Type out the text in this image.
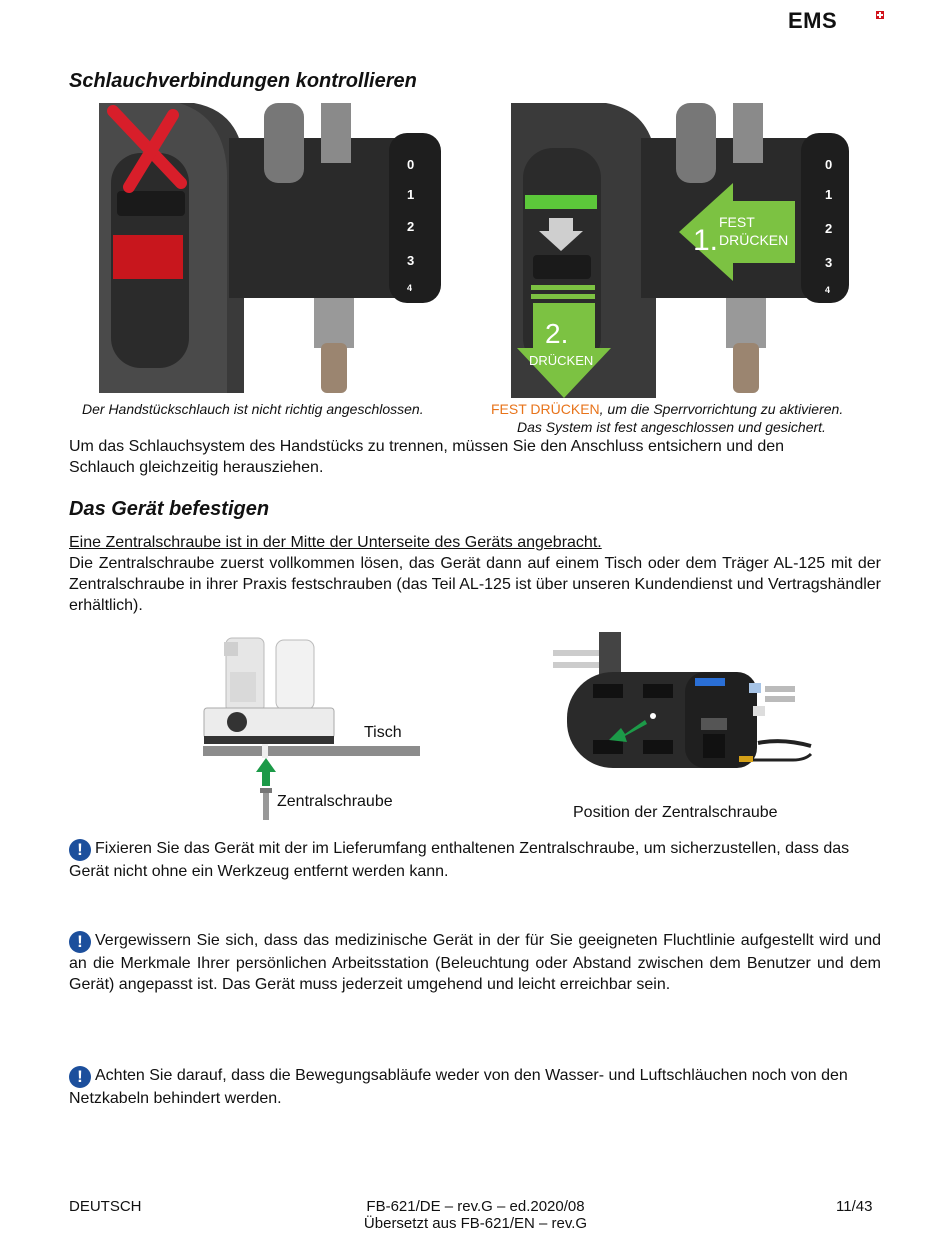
EMS
Schlauchverbindungen kontrollieren
0
1
2
3
4
2.
DRÜCKEN
1.
FEST
DRÜCKEN
0
1
2
3
4
Der Handstückschlauch ist nicht richtig angeschlossen.	FEST DRÜCKEN, um die Sperrvorrichtung zu aktivieren.
Das System ist fest angeschlossen und gesichert.
Um das Schlauchsystem des Handstücks zu trennen, müssen Sie den Anschluss entsichern und den Schlauch gleichzeitig herausziehen.
Das Gerät befestigen
Eine Zentralschraube ist in der Mitte der Unterseite des Geräts angebracht.
Die Zentralschraube zuerst vollkommen lösen, das Gerät dann auf einem Tisch oder dem Träger AL-125 mit der Zentralschraube in ihrer Praxis festschrauben (das Teil AL-125 ist über unseren Kundendienst und Vertragshändler erhältlich).
Tisch
Zentralschraube
Position der Zentralschraube
! Fixieren Sie das Gerät mit der im Lieferumfang enthaltenen Zentralschraube, um sicherzustellen, dass das Gerät nicht ohne ein Werkzeug entfernt werden kann.
! Vergewissern Sie sich, dass das medizinische Gerät in der für Sie geeigneten Fluchtlinie aufgestellt wird und an die Merkmale Ihrer persönlichen Arbeitsstation (Beleuchtung oder Abstand zwischen dem Benutzer und dem Gerät) angepasst ist. Das Gerät muss jederzeit umgehend und leicht erreichbar sein.
! Achten Sie darauf, dass die Bewegungsabläufe weder von den Wasser- und Luftschläuchen noch von den Netzkabeln behindert werden.
DEUTSCH	FB-621/DE – rev.G – ed.2020/08
Übersetzt aus FB-621/EN – rev.G
11/43
